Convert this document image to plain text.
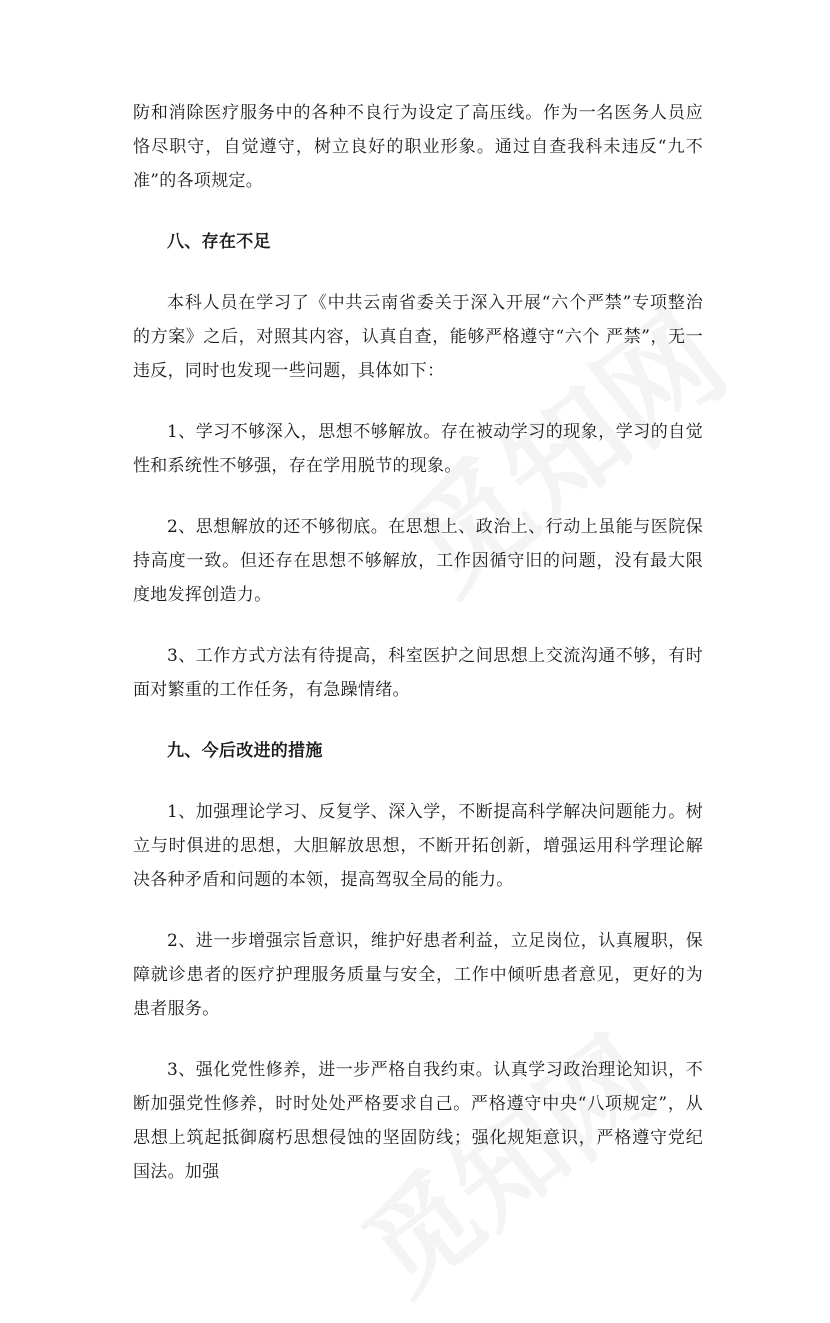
防和消除医疗服务中的各种不良行为设定了高压线。作为一名医务人员应恪尽职守，自觉遵守，树立良好的职业形象。通过自查我科未违反“九不准”的各项规定。

八、存在不足

本科人员在学习了《中共云南省委关于深入开展“六个严禁”专项整治的方案》之后，对照其内容，认真自查，能够严格遵守“六个 严禁”，无一违反，同时也发现一些问题，具体如下：

1、学习不够深入，思想不够解放。存在被动学习的现象，学习的自觉性和系统性不够强，存在学用脱节的现象。

2、思想解放的还不够彻底。在思想上、政治上、行动上虽能与医院保持高度一致。但还存在思想不够解放，工作因循守旧的问题，没有最大限度地发挥创造力。

3、工作方式方法有待提高，科室医护之间思想上交流沟通不够，有时面对繁重的工作任务，有急躁情绪。

九、今后改进的措施

1、加强理论学习、反复学、深入学，不断提高科学解决问题能力。树立与时俱进的思想，大胆解放思想，不断开拓创新，增强运用科学理论解决各种矛盾和问题的本领，提高驾驭全局的能力。

2、进一步增强宗旨意识，维护好患者利益，立足岗位，认真履职，保障就诊患者的医疗护理服务质量与安全，工作中倾听患者意见，更好的为患者服务。

3、强化党性修养，进一步严格自我约束。认真学习政治理论知识，不断加强党性修养，时时处处严格要求自己。严格遵守中央“八项规定”，从思想上筑起抵御腐朽思想侵蚀的坚固防线；强化规矩意识，严格遵守党纪国法。加强
